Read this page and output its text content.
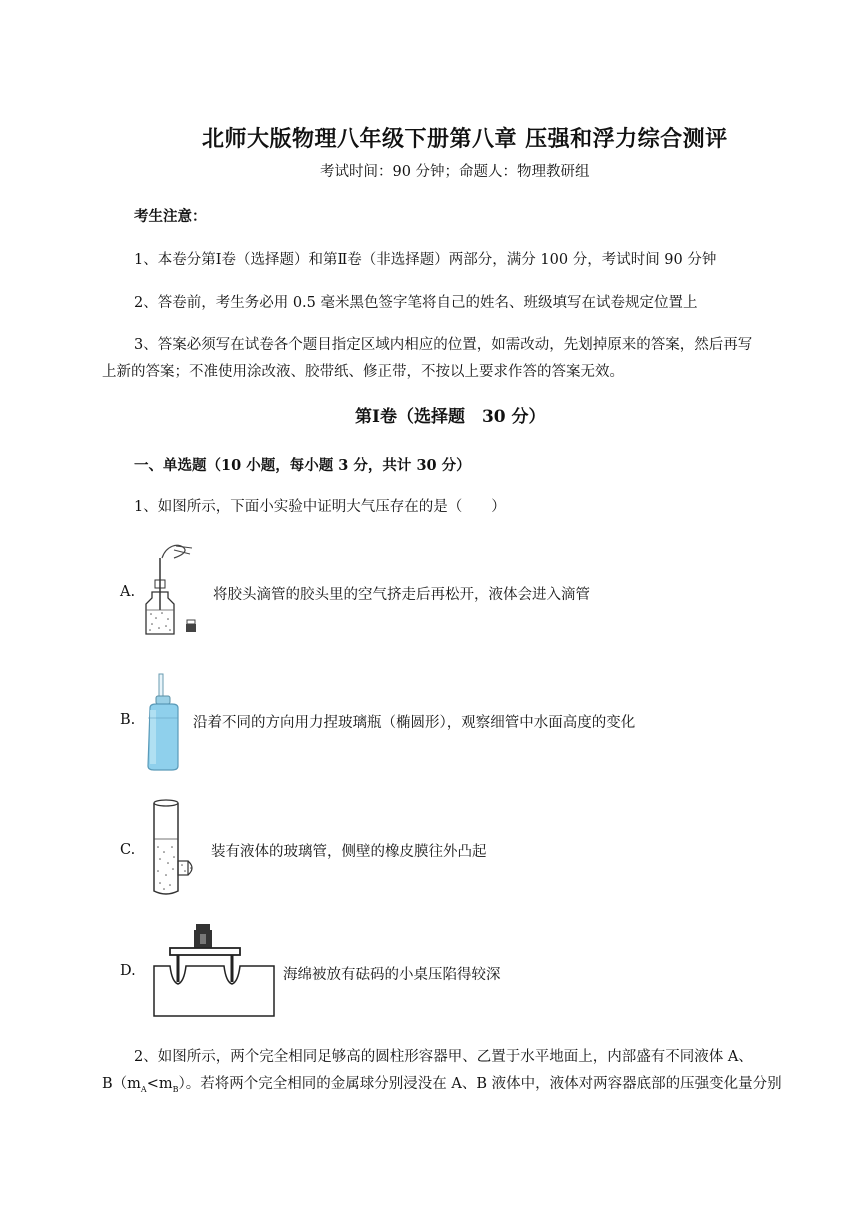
北师大版物理八年级下册第八章 压强和浮力综合测评
考试时间：90 分钟；命题人：物理教研组
考生注意：
1、本卷分第Ⅰ卷（选择题）和第Ⅱ卷（非选择题）两部分，满分 100 分，考试时间 90 分钟
2、答卷前，考生务必用 0.5 毫米黑色签字笔将自己的姓名、班级填写在试卷规定位置上
3、答案必须写在试卷各个题目指定区域内相应的位置，如需改动，先划掉原来的答案，然后再写
上新的答案；不准使用涂改液、胶带纸、修正带，不按以上要求作答的答案无效。
第Ⅰ卷（选择题　30 分）
一、单选题（10 小题，每小题 3 分，共计 30 分）
1、如图所示，下面小实验中证明大气压存在的是（　　）
A.	将胶头滴管的胶头里的空气挤走后再松开，液体会进入滴管
B.	沿着不同的方向用力捏玻璃瓶（椭圆形），观察细管中水面高度的变化
C.	装有液体的玻璃管，侧壁的橡皮膜往外凸起
D.	海绵被放有砝码的小桌压陷得较深
2、如图所示，两个完全相同足够高的圆柱形容器甲、乙置于水平地面上，内部盛有不同液体 A、
$B(m_A<m_B)$。若将两个完全相同的金属球分别浸没在 A、B 液体中，液体对两容器底部的压强变化量分别
